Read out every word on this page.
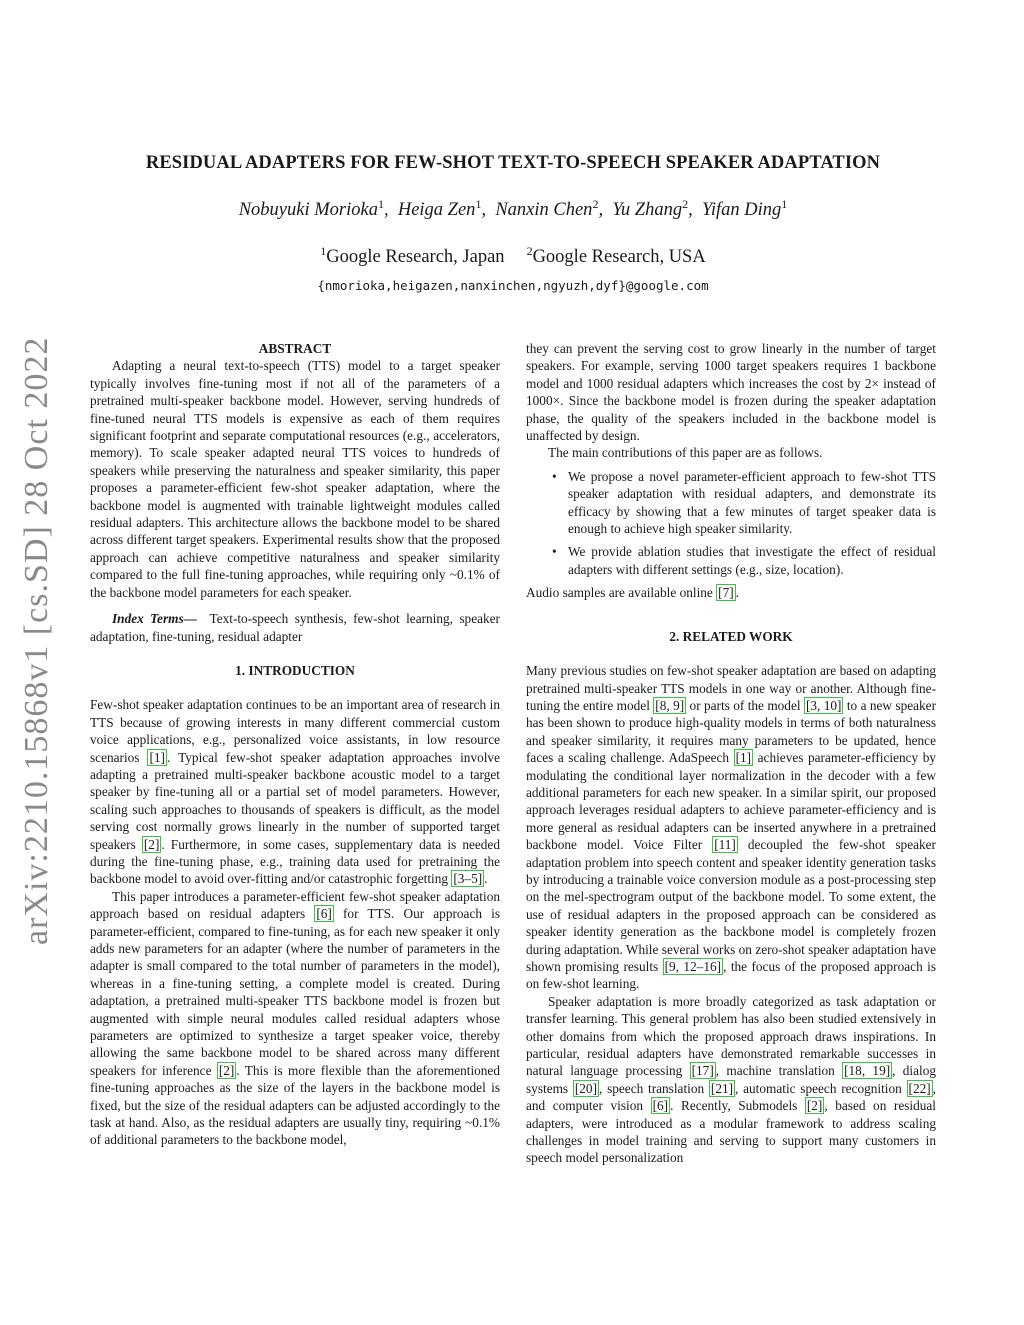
arXiv:2210.15868v1 [cs.SD] 28 Oct 2022
RESIDUAL ADAPTERS FOR FEW-SHOT TEXT-TO-SPEECH SPEAKER ADAPTATION
Nobuyuki Morioka$^1$,  Heiga Zen$^1$,  Nanxin Chen$^2$,  Yu Zhang$^2$,  Yifan Ding$^1$
$^1$Google Research, Japan $^2$Google Research, USA
{nmorioka,heigazen,nanxinchen,ngyuzh,dyf}@google.com
ABSTRACT

Adapting a neural text-to-speech (TTS) model to a target speaker typically involves fine-tuning most if not all of the parameters of a pretrained multi-speaker backbone model. However, serving hundreds of fine-tuned neural TTS models is expensive as each of them requires significant footprint and separate computational resources (e.g., accelerators, memory). To scale speaker adapted neural TTS voices to hundreds of speakers while preserving the naturalness and speaker similarity, this paper proposes a parameter-efficient few-shot speaker adaptation, where the backbone model is augmented with trainable lightweight modules called residual adapters. This architecture allows the backbone model to be shared across different target speakers. Experimental results show that the proposed approach can achieve competitive naturalness and speaker similarity compared to the full fine-tuning approaches, while requiring only ~0.1% of the backbone model parameters for each speaker.

Index Terms— Text-to-speech synthesis, few-shot learning, speaker adaptation, fine-tuning, residual adapter

1. INTRODUCTION

Few-shot speaker adaptation continues to be an important area of research in TTS because of growing interests in many different commercial custom voice applications, e.g., personalized voice assistants, in low resource scenarios [1] . Typical few-shot speaker adaptation approaches involve adapting a pretrained multi-speaker backbone acoustic model to a target speaker by fine-tuning all or a partial set of model parameters. However, scaling such approaches to thousands of speakers is difficult, as the model serving cost normally grows linearly in the number of supported target speakers [2] . Furthermore, in some cases, supplementary data is needed during the fine-tuning phase, e.g., training data used for pretraining the backbone model to avoid over-fitting and/or catastrophic forgetting [3–5] .

This paper introduces a parameter-efficient few-shot speaker adaptation approach based on residual adapters [6] for TTS. Our approach is parameter-efficient, compared to fine-tuning, as for each new speaker it only adds new parameters for an adapter (where the number of parameters in the adapter is small compared to the total number of parameters in the model), whereas in a fine-tuning setting, a complete model is created. During adaptation, a pretrained multi-speaker TTS backbone model is frozen but augmented with simple neural modules called residual adapters whose parameters are optimized to synthesize a target speaker voice, thereby allowing the same backbone model to be shared across many different speakers for inference [2] . This is more flexible than the aforementioned fine-tuning approaches as the size of the layers in the backbone model is fixed, but the size of the residual adapters can be adjusted accordingly to the task at hand. Also, as the residual adapters are usually tiny, requiring ~0.1% of additional parameters to the backbone model,

they can prevent the serving cost to grow linearly in the number of target speakers. For example, serving 1000 target speakers requires 1 backbone model and 1000 residual adapters which increases the cost by 2× instead of 1000×. Since the backbone model is frozen during the speaker adaptation phase, the quality of the speakers included in the backbone model is unaffected by design.

The main contributions of this paper are as follows.

• We propose a novel parameter-efficient approach to few-shot TTS speaker adaptation with residual adapters, and demonstrate its efficacy by showing that a few minutes of target speaker data is enough to achieve high speaker similarity.
• We provide ablation studies that investigate the effect of residual adapters with different settings (e.g., size, location).

Audio samples are available online [7] .

2. RELATED WORK

Many previous studies on few-shot speaker adaptation are based on adapting pretrained multi-speaker TTS models in one way or another. Although fine-tuning the entire model [8, 9] or parts of the model [3, 10] to a new speaker has been shown to produce high-quality models in terms of both naturalness and speaker similarity, it requires many parameters to be updated, hence faces a scaling challenge. AdaSpeech [1] achieves parameter-efficiency by modulating the conditional layer normalization in the decoder with a few additional parameters for each new speaker. In a similar spirit, our proposed approach leverages residual adapters to achieve parameter-efficiency and is more general as residual adapters can be inserted anywhere in a pretrained backbone model. Voice Filter [11] decoupled the few-shot speaker adaptation problem into speech content and speaker identity generation tasks by introducing a trainable voice conversion module as a post-processing step on the mel-spectrogram output of the backbone model. To some extent, the use of residual adapters in the proposed approach can be considered as speaker identity generation as the backbone model is completely frozen during adaptation. While several works on zero-shot speaker adaptation have shown promising results [9, 12–16] , the focus of the proposed approach is on few-shot learning.

Speaker adaptation is more broadly categorized as task adaptation or transfer learning. This general problem has also been studied extensively in other domains from which the proposed approach draws inspirations. In particular, residual adapters have demonstrated remarkable successes in natural language processing [17] , machine translation [18, 19] , dialog systems [20] , speech translation [21] , automatic speech recognition [22] , and computer vision [6] . Recently, Submodels [2] , based on residual adapters, were introduced as a modular framework to address scaling challenges in model training and serving to support many customers in speech model personalization
